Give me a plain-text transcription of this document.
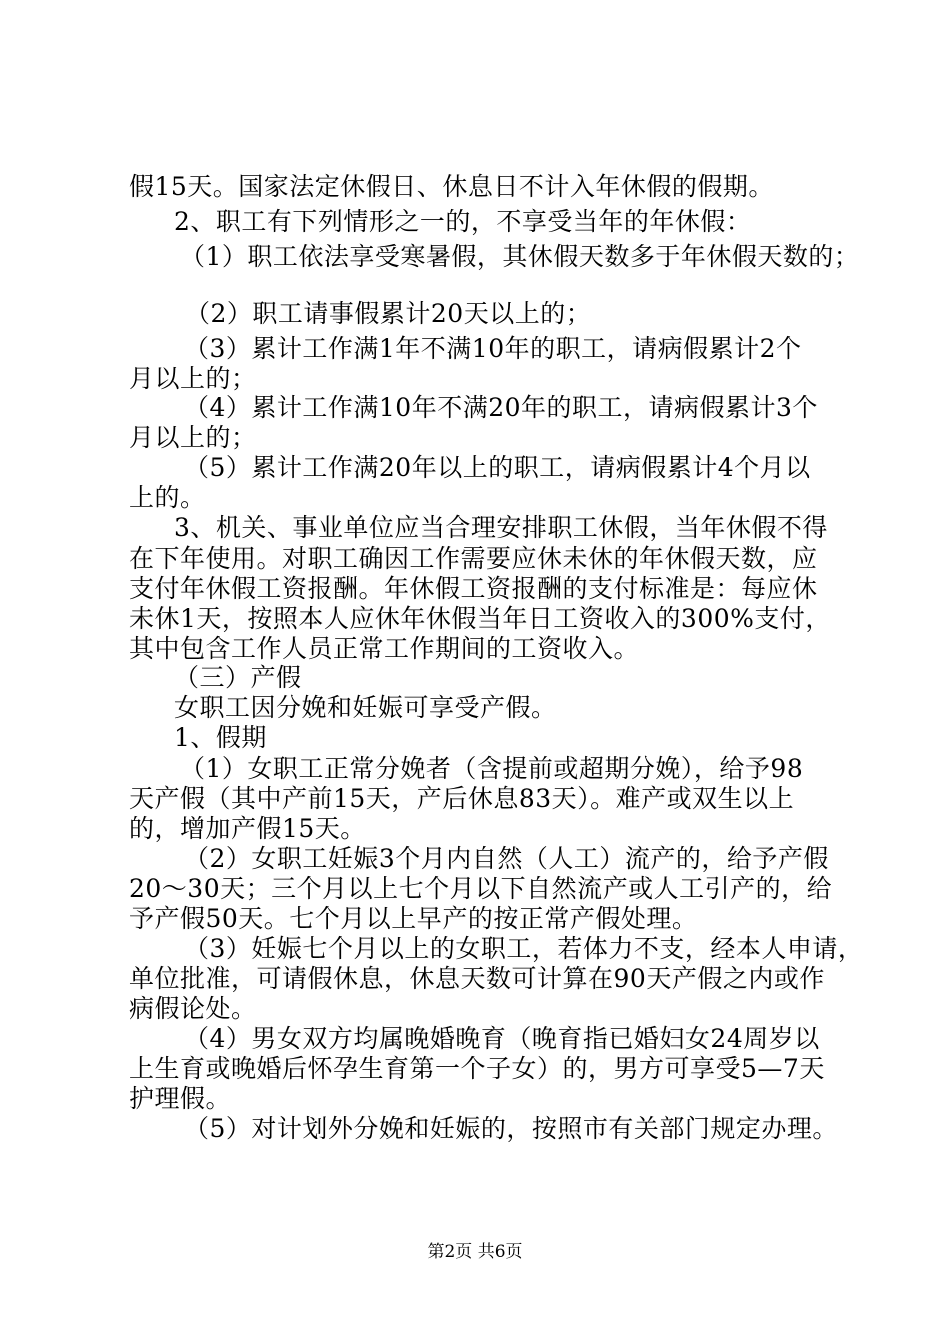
假15天。国家法定休假日、休息日不计入年休假的假期。
2、职工有下列情形之一的，不享受当年的年休假：
（1）职工依法享受寒暑假，其休假天数多于年休假天数的；
（2）职工请事假累计20天以上的；
（3）累计工作满1年不满10年的职工，请病假累计2个
月以上的；
（4）累计工作满10年不满20年的职工，请病假累计3个
月以上的；
（5）累计工作满20年以上的职工，请病假累计4个月以
上的。
3、机关、事业单位应当合理安排职工休假，当年休假不得
在下年使用。对职工确因工作需要应休未休的年休假天数，应
支付年休假工资报酬。年休假工资报酬的支付标准是：每应休
未休1天，按照本人应休年休假当年日工资收入的300%支付，
其中包含工作人员正常工作期间的工资收入。
（三）产假
女职工因分娩和妊娠可享受产假。
1、假期
（1）女职工正常分娩者（含提前或超期分娩），给予98
天产假（其中产前15天，产后休息83天）。难产或双生以上
的，增加产假15天。
（2）女职工妊娠3个月内自然（人工）流产的，给予产假
20～30天；三个月以上七个月以下自然流产或人工引产的，给
予产假50天。七个月以上早产的按正常产假处理。
（3）妊娠七个月以上的女职工，若体力不支，经本人申请，
单位批准，可请假休息，休息天数可计算在90天产假之内或作
病假论处。
（4）男女双方均属晚婚晚育（晚育指已婚妇女24周岁以
上生育或晚婚后怀孕生育第一个子女）的，男方可享受5—7天
护理假。
（5）对计划外分娩和妊娠的，按照市有关部门规定办理。
第2页 共6页
